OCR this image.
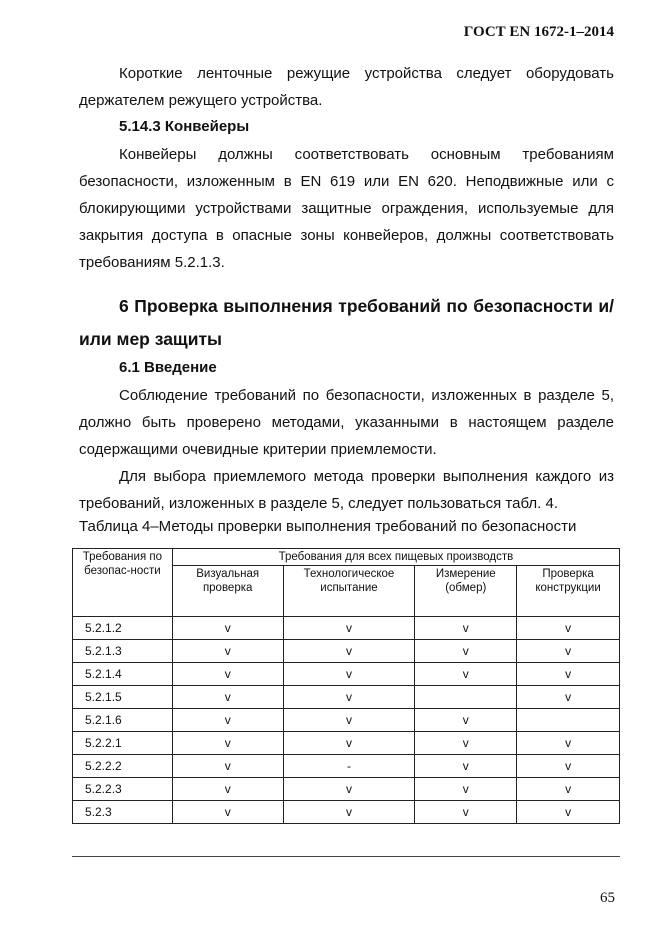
ГОСТ EN 1672-1–2014

Короткие ленточные режущие устройства следует оборудовать держателем режущего устройства.

5.14.3 Конвейеры

Конвейеры должны соответствовать основным требованиям безопасности, изложенным в EN 619 или EN 620. Неподвижные или с блокирующими устройствами защитные ограждения, используемые для закрытия доступа в опасные зоны конвейеров, должны соответствовать требованиям 5.2.1.3.

6 Проверка выполнения требований по безопасности и/или мер защиты

6.1 Введение

Соблюдение требований по безопасности, изложенных в разделе 5, должно быть проверено методами, указанными в настоящем разделе содержащими очевидные критерии приемлемости.

Для выбора приемлемого метода проверки выполнения каждого из требований, изложенных в разделе 5, следует пользоваться табл. 4.

Таблица 4–Методы проверки выполнения требований по безопасности
Требования по безопас-ности	Требования для всех пищевых производств			
	Визуальная проверка	Технологическое испытание	Измерение (обмер)	Проверка конструкции
5.2.1.2	v	v	v	v
5.2.1.3	v	v	v	v
5.2.1.4	v	v	v	v
5.2.1.5	v	v		v
5.2.1.6	v	v	v	
5.2.2.1	v	v	v	v
5.2.2.2	v	-	v	v
5.2.2.3	v	v	v	v
5.2.3	v	v	v	v
65
